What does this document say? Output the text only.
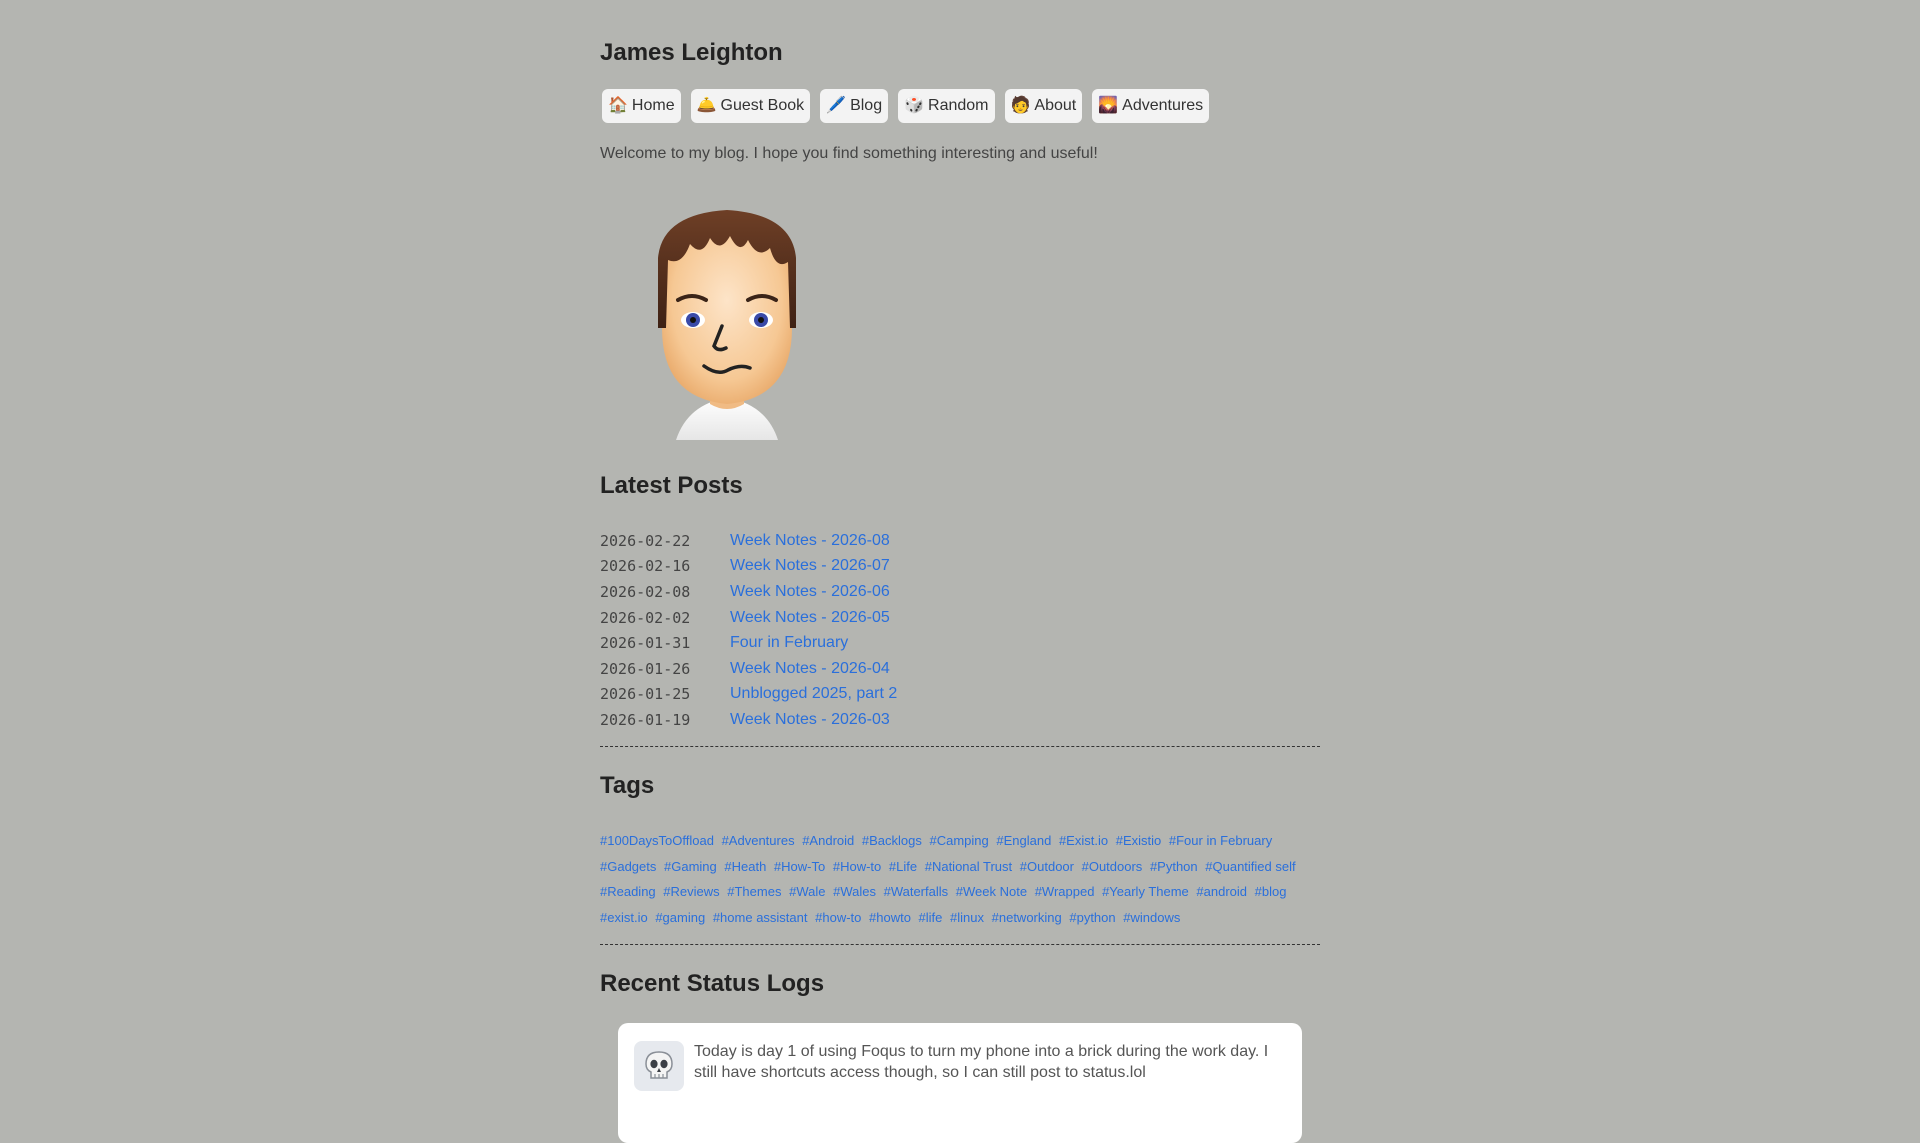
James Leighton
🏠 Home 🛎️ Guest Book 🖊️ Blog 🎲 Random 🧑 About 🌄 Adventures

Welcome to my blog. I hope you find something interesting and useful!

Latest Posts
2026-02-22	Week Notes - 2026-08
2026-02-16	Week Notes - 2026-07
2026-02-08	Week Notes - 2026-06
2026-02-02	Week Notes - 2026-05
2026-01-31	Four in February
2026-01-26	Week Notes - 2026-04
2026-01-25	Unblogged 2025, part 2
2026-01-19	Week Notes - 2026-03
Tags
#100DaysToOffload #Adventures #Android #Backlogs #Camping #England #Exist.io #Existio #Four in February #Gadgets #Gaming #Heath #How-To #How-to #Life #National Trust #Outdoor #Outdoors #Python #Quantified self #Reading #Reviews #Themes #Wale #Wales #Waterfalls #Week Note #Wrapped #Yearly Theme #android #blog #exist.io #gaming #home assistant #how-to #howto #life #linux #networking #python #windows
Recent Status Logs

Today is day 1 of using Foqus to turn my phone into a brick during the work day. I still have shortcuts access though, so I can still post to status.lol
